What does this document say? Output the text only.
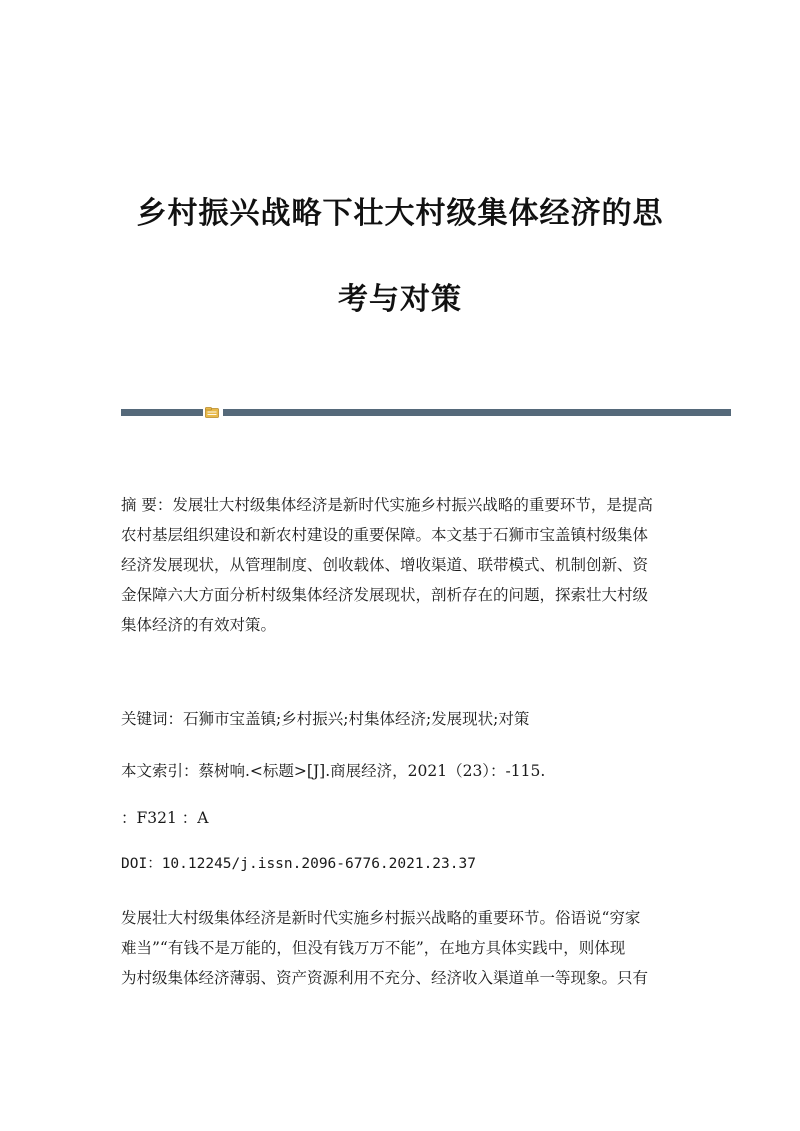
乡村振兴战略下壮大村级集体经济的思
考与对策
摘 要：发展壮大村级集体经济是新时代实施乡村振兴战略的重要环节，是提高
农村基层组织建设和新农村建设的重要保障。本文基于石狮市宝盖镇村级集体
经济发展现状，从管理制度、创收载体、增收渠道、联带模式、机制创新、资
金保障六大方面分析村级集体经济发展现状，剖析存在的问题，探索壮大村级
集体经济的有效对策。
关键词：石狮市宝盖镇;乡村振兴;村集体经济;发展现状;对策
本文索引：蔡树响.<标题>[J].商展经济，2021（23）：-115.
：F321 ：A
DOI：10.12245/j.issn.2096-6776.2021.23.37
发展壮大村级集体经济是新时代实施乡村振兴战略的重要环节。俗语说“穷家
难当”“有钱不是万能的，但没有钱万万不能”，在地方具体实践中，则体现
为村级集体经济薄弱、资产资源利用不充分、经济收入渠道单一等现象。只有
